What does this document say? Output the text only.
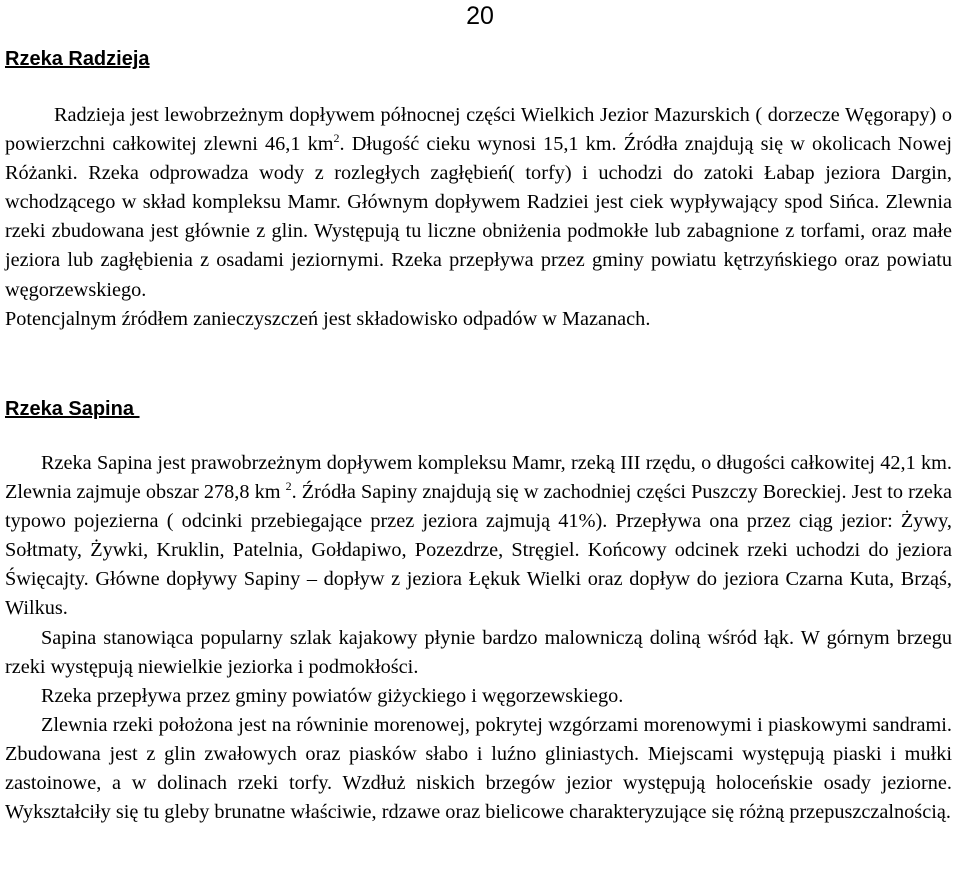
20
Rzeka Radzieja

Radzieja jest lewobrzeżnym dopływem północnej części Wielkich Jezior Mazurskich ( dorzecze Węgorapy) o powierzchni całkowitej zlewni 46,1 $km^2$. Długość cieku wynosi 15,1 km. Źródła znajdują się w okolicach Nowej Różanki. Rzeka odprowadza wody z rozległych zagłębień( torfy) i uchodzi do zatoki Łabap jeziora Dargin, wchodzącego w skład kompleksu Mamr. Głównym dopływem Radziei jest ciek wypływający spod Sińca. Zlewnia rzeki zbudowana jest głównie z glin. Występują tu liczne obniżenia podmokłe lub zabagnione z torfami, oraz małe jeziora lub zagłębienia z osadami jeziornymi. Rzeka przepływa przez gminy powiatu kętrzyńskiego oraz powiatu węgorzewskiego.

Potencjalnym źródłem zanieczyszczeń jest składowisko odpadów w Mazanach.

Rzeka Sapina

Rzeka Sapina jest prawobrzeżnym dopływem kompleksu Mamr, rzeką III rzędu, o długości całkowitej 42,1 km. Zlewnia zajmuje obszar 278,8 km $^2$. Źródła Sapiny znajdują się w zachodniej części Puszczy Boreckiej. Jest to rzeka typowo pojezierna ( odcinki przebiegające przez jeziora zajmują 41%). Przepływa ona przez ciąg jezior: Żywy, Sołtmaty, Żywki, Kruklin, Patelnia, Gołdapiwo, Pozezdrze, Stręgiel. Końcowy odcinek rzeki uchodzi do jeziora Święcajty. Główne dopływy Sapiny – dopływ z jeziora Łękuk Wielki oraz dopływ do jeziora Czarna Kuta, Brząś, Wilkus.

Sapina stanowiąca popularny szlak kajakowy płynie bardzo malowniczą doliną wśród łąk. W górnym brzegu rzeki występują niewielkie jeziorka i podmokłości.

Rzeka przepływa przez gminy powiatów giżyckiego i węgorzewskiego.

Zlewnia rzeki położona jest na równinie morenowej, pokrytej wzgórzami morenowymi i piaskowymi sandrami. Zbudowana jest z glin zwałowych oraz piasków słabo i luźno gliniastych. Miejscami występują piaski i mułki zastoinowe, a w dolinach rzeki torfy. Wzdłuż niskich brzegów jezior występują holoceńskie osady jeziorne. Wykształciły się tu gleby brunatne właściwie, rdzawe oraz bielicowe charakteryzujące się różną przepuszczalnością.
